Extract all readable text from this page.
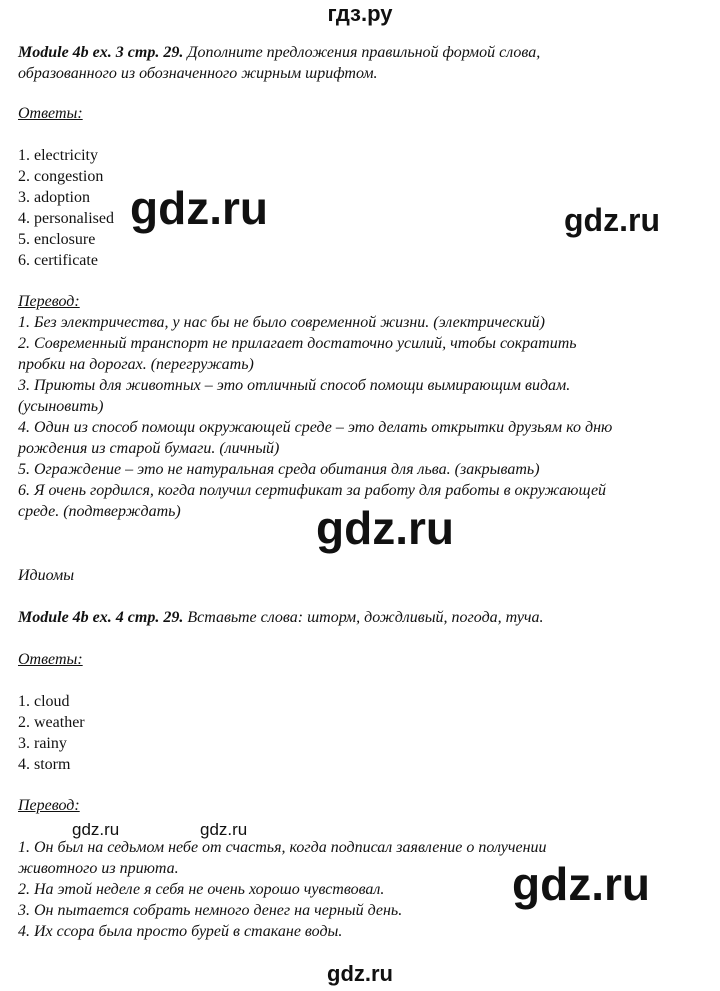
гдз.ру
Module 4b ex. 3 стр. 29. Дополните предложения правильной формой слова,
образованного из обозначенного жирным шрифтом.
Ответы:
1. electricity
2. congestion
3. adoption
4. personalised
5. enclosure
6. certificate
Перевод:
1. Без электричества, у нас бы не было современной жизни. (электрический)
2. Современный транспорт не прилагает достаточно усилий, чтобы сократить
пробки на дорогах. (перегружать)
3. Приюты для животных – это отличный способ помощи вымирающим видам.
(усыновить)
4. Один из способ помощи окружающей среде – это делать открытки друзьям ко дню
рождения из старой бумаги. (личный)
5. Ограждение – это не натуральная среда обитания для льва. (закрывать)
6. Я очень гордился, когда получил сертификат за работу для работы в окружающей
среде. (подтверждать)
Идиомы
Module 4b ex. 4 стр. 29. Вставьте слова: шторм, дождливый, погода, туча.
Ответы:
1. cloud
2. weather
3. rainy
4. storm
Перевод:
1. Он был на седьмом небе от счастья, когда подписал заявление о получении
животного из приюта.
2. На этой неделе я себя не очень хорошо чувствовал.
3. Он пытается собрать немного денег на черный день.
4. Их ссора была просто бурей в стакане воды.
gdz.ru	gdz.ru
gdz.ru
gdz.ru	gdz.ru
gdz.ru
gdz.ru
